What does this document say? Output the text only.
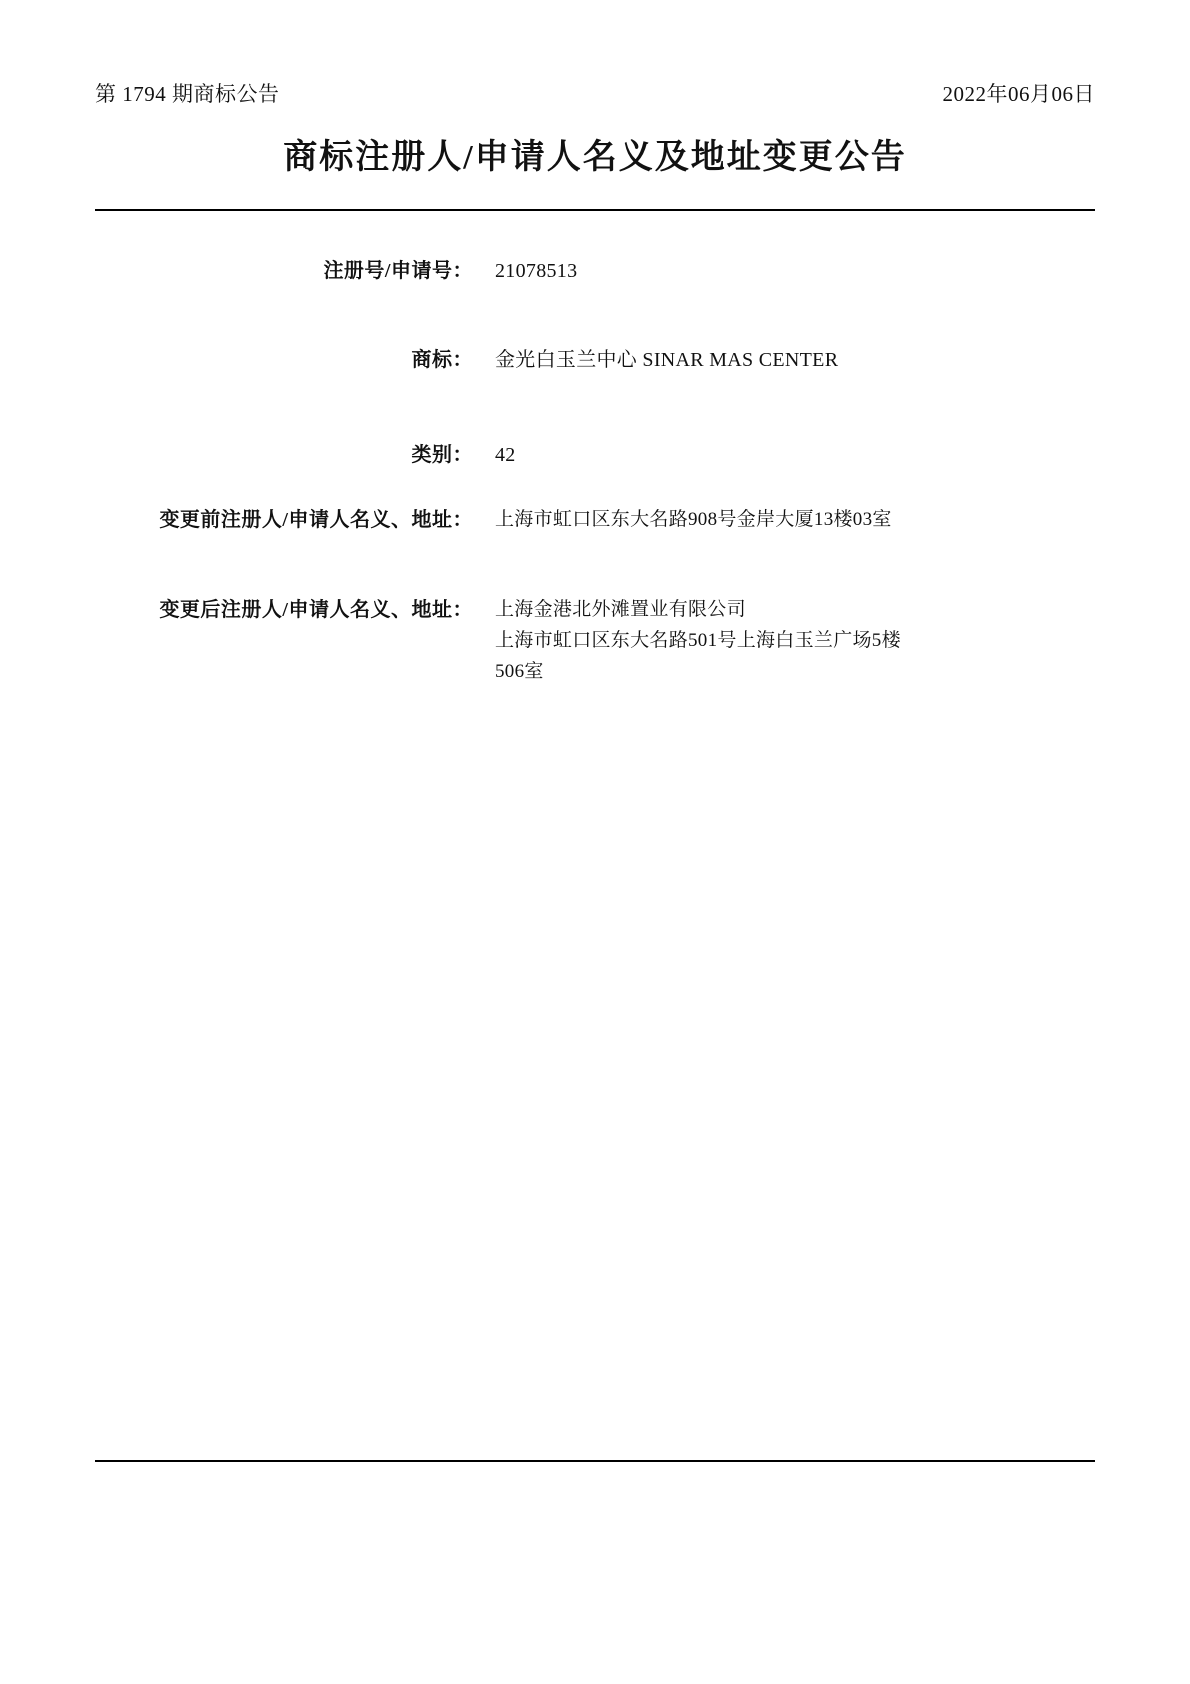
第 1794 期商标公告	2022年06月06日
商标注册人/申请人名义及地址变更公告
注册号/申请号：	21078513
商标：	金光白玉兰中心 SINAR MAS CENTER
类别：	42
变更前注册人/申请人名义、地址：	上海市虹口区东大名路908号金岸大厦13楼03室
变更后注册人/申请人名义、地址：	上海金港北外滩置业有限公司
上海市虹口区东大名路501号上海白玉兰广场5楼
506室
